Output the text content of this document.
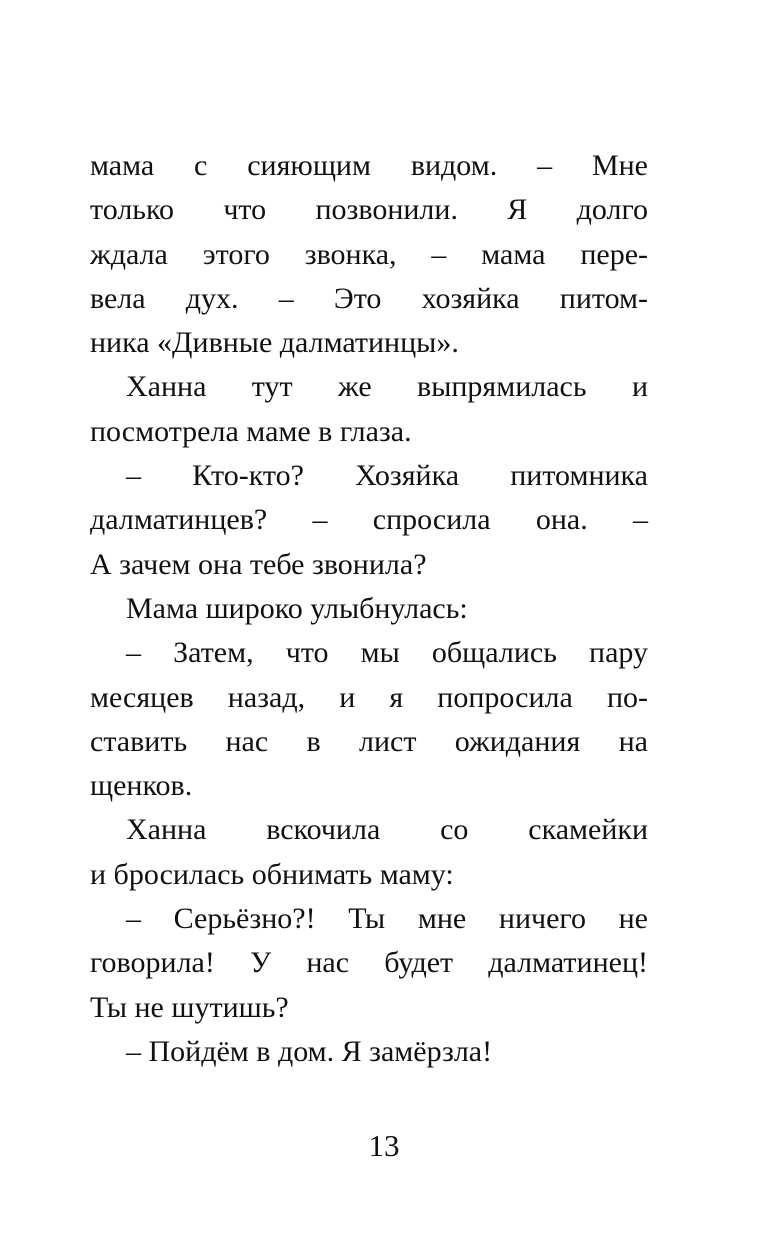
мама с сияющим видом. – Мне
только что позвонили. Я долго
ждала этого звонка, – мама пере-
вела дух. – Это хозяйка питом-
ника «Дивные далматинцы».
Ханна тут же выпрямилась и
посмотрела маме в глаза.
– Кто-кто? Хозяйка питомника
далматинцев? – спросила она. –
А зачем она тебе звонила?
Мама широко улыбнулась:
– Затем, что мы общались пару
месяцев назад, и я попросила по-
ставить нас в лист ожидания на
щенков.
Ханна вскочила со скамейки
и бросилась обнимать маму:
– Серьёзно?! Ты мне ничего не
говорила! У нас будет далматинец!
Ты не шутишь?
– Пойдём в дом. Я замёрзла!
13
